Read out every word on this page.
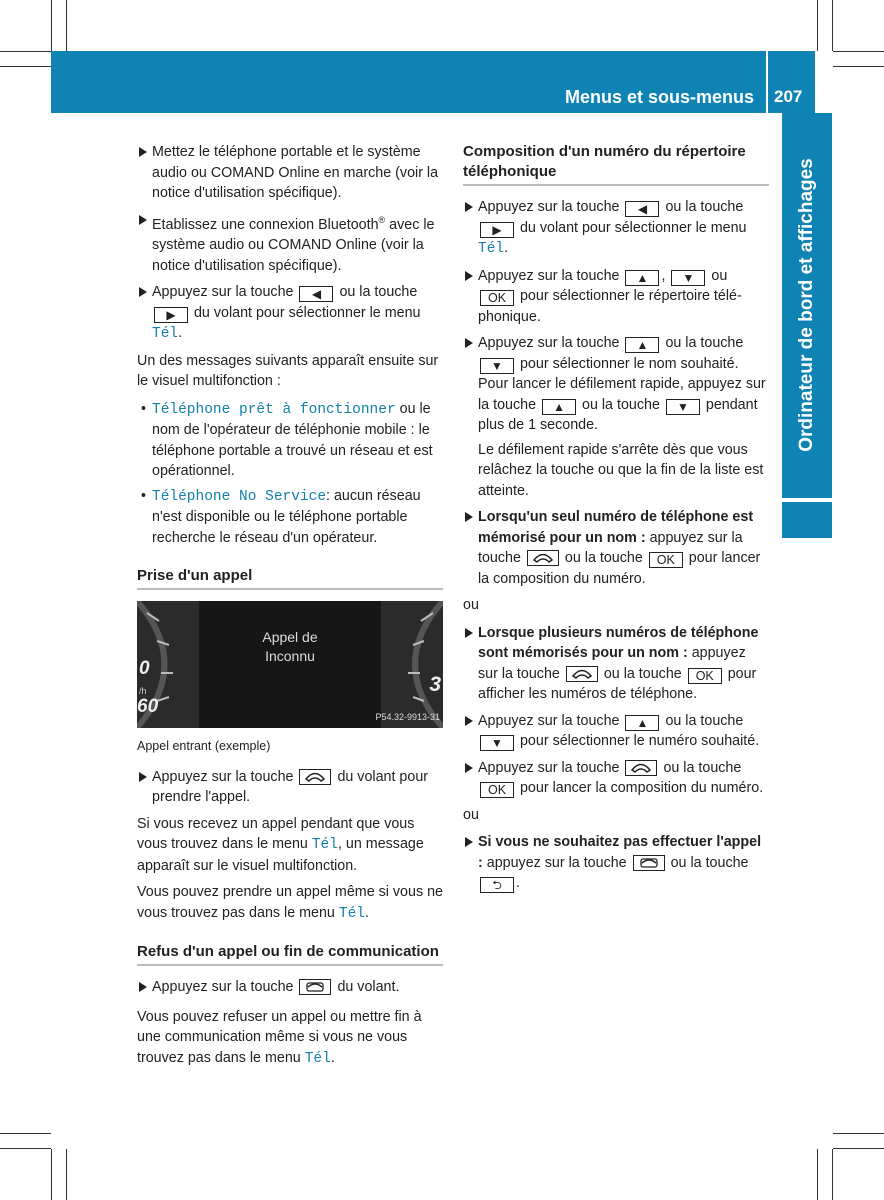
Menus et sous-menus 207
Ordinateur de bord et affichages
Mettez le téléphone portable et le système audio ou COMAND Online en marche (voir la notice d'utilisation spécifique).
Etablissez une connexion Bluetooth® avec le système audio ou COMAND Online (voir la notice d'utilisation spécifique).
Appuyez sur la touche ◀ ou la touche ▶ du volant pour sélectionner le menu Tél.

Un des messages suivants apparaît ensuite sur le visuel multifonction :

• Téléphone prêt à fonctionner ou le nom de l'opérateur de téléphonie mobile : le téléphone portable a trouvé un réseau et est opérationnel.
• Téléphone No Service: aucun réseau n'est disponible ou le téléphone portable recherche le réseau d'un opérateur.
Prise d'un appel
Appel de
Inconnu
0
/h
60
3
P54.32-9913-31
Appel entrant (exemple)
Appuyez sur la touche	du volant pour prendre l'appel.

Si vous recevez un appel pendant que vous vous trouvez dans le menu Tél, un message apparaît sur le visuel multifonction.

Vous pouvez prendre un appel même si vous ne vous trouvez pas dans le menu Tél.

Refus d'un appel ou fin de communication
Appuyez sur la touche	du volant.

Vous pouvez refuser un appel ou mettre fin à une communication même si vous ne vous trouvez pas dans le menu Tél.

Composition d'un numéro du répertoire téléphonique
Appuyez sur la touche ◀ ou la touche ▶ du volant pour sélectionner le menu Tél.
Appuyez sur la touche ▲ , ▼ ou OK pour sélectionner le répertoire téléphonique.
Appuyez sur la touche ▲ ou la touche ▼ pour sélectionner le nom souhaité.
Pour lancer le défilement rapide, appuyez sur la touche ▲ ou la touche ▼ pendant plus de 1 seconde.
Le défilement rapide s'arrête dès que vous relâchez la touche ou que la fin de la liste est atteinte.
Lorsqu'un seul numéro de téléphone est mémorisé pour un nom : appuyez sur la touche	ou la touche OK pour lancer la composition du numéro.

ou

Lorsque plusieurs numéros de téléphone sont mémorisés pour un nom : appuyez sur la touche	ou la touche OK pour afficher les numéros de téléphone.
Appuyez sur la touche ▲ ou la touche ▼ pour sélectionner le numéro souhaité.
Appuyez sur la touche	ou la touche OK pour lancer la composition du numéro.

ou

Si vous ne souhaitez pas effectuer l'appel : appuyez sur la touche	ou la touche ⮌ .
